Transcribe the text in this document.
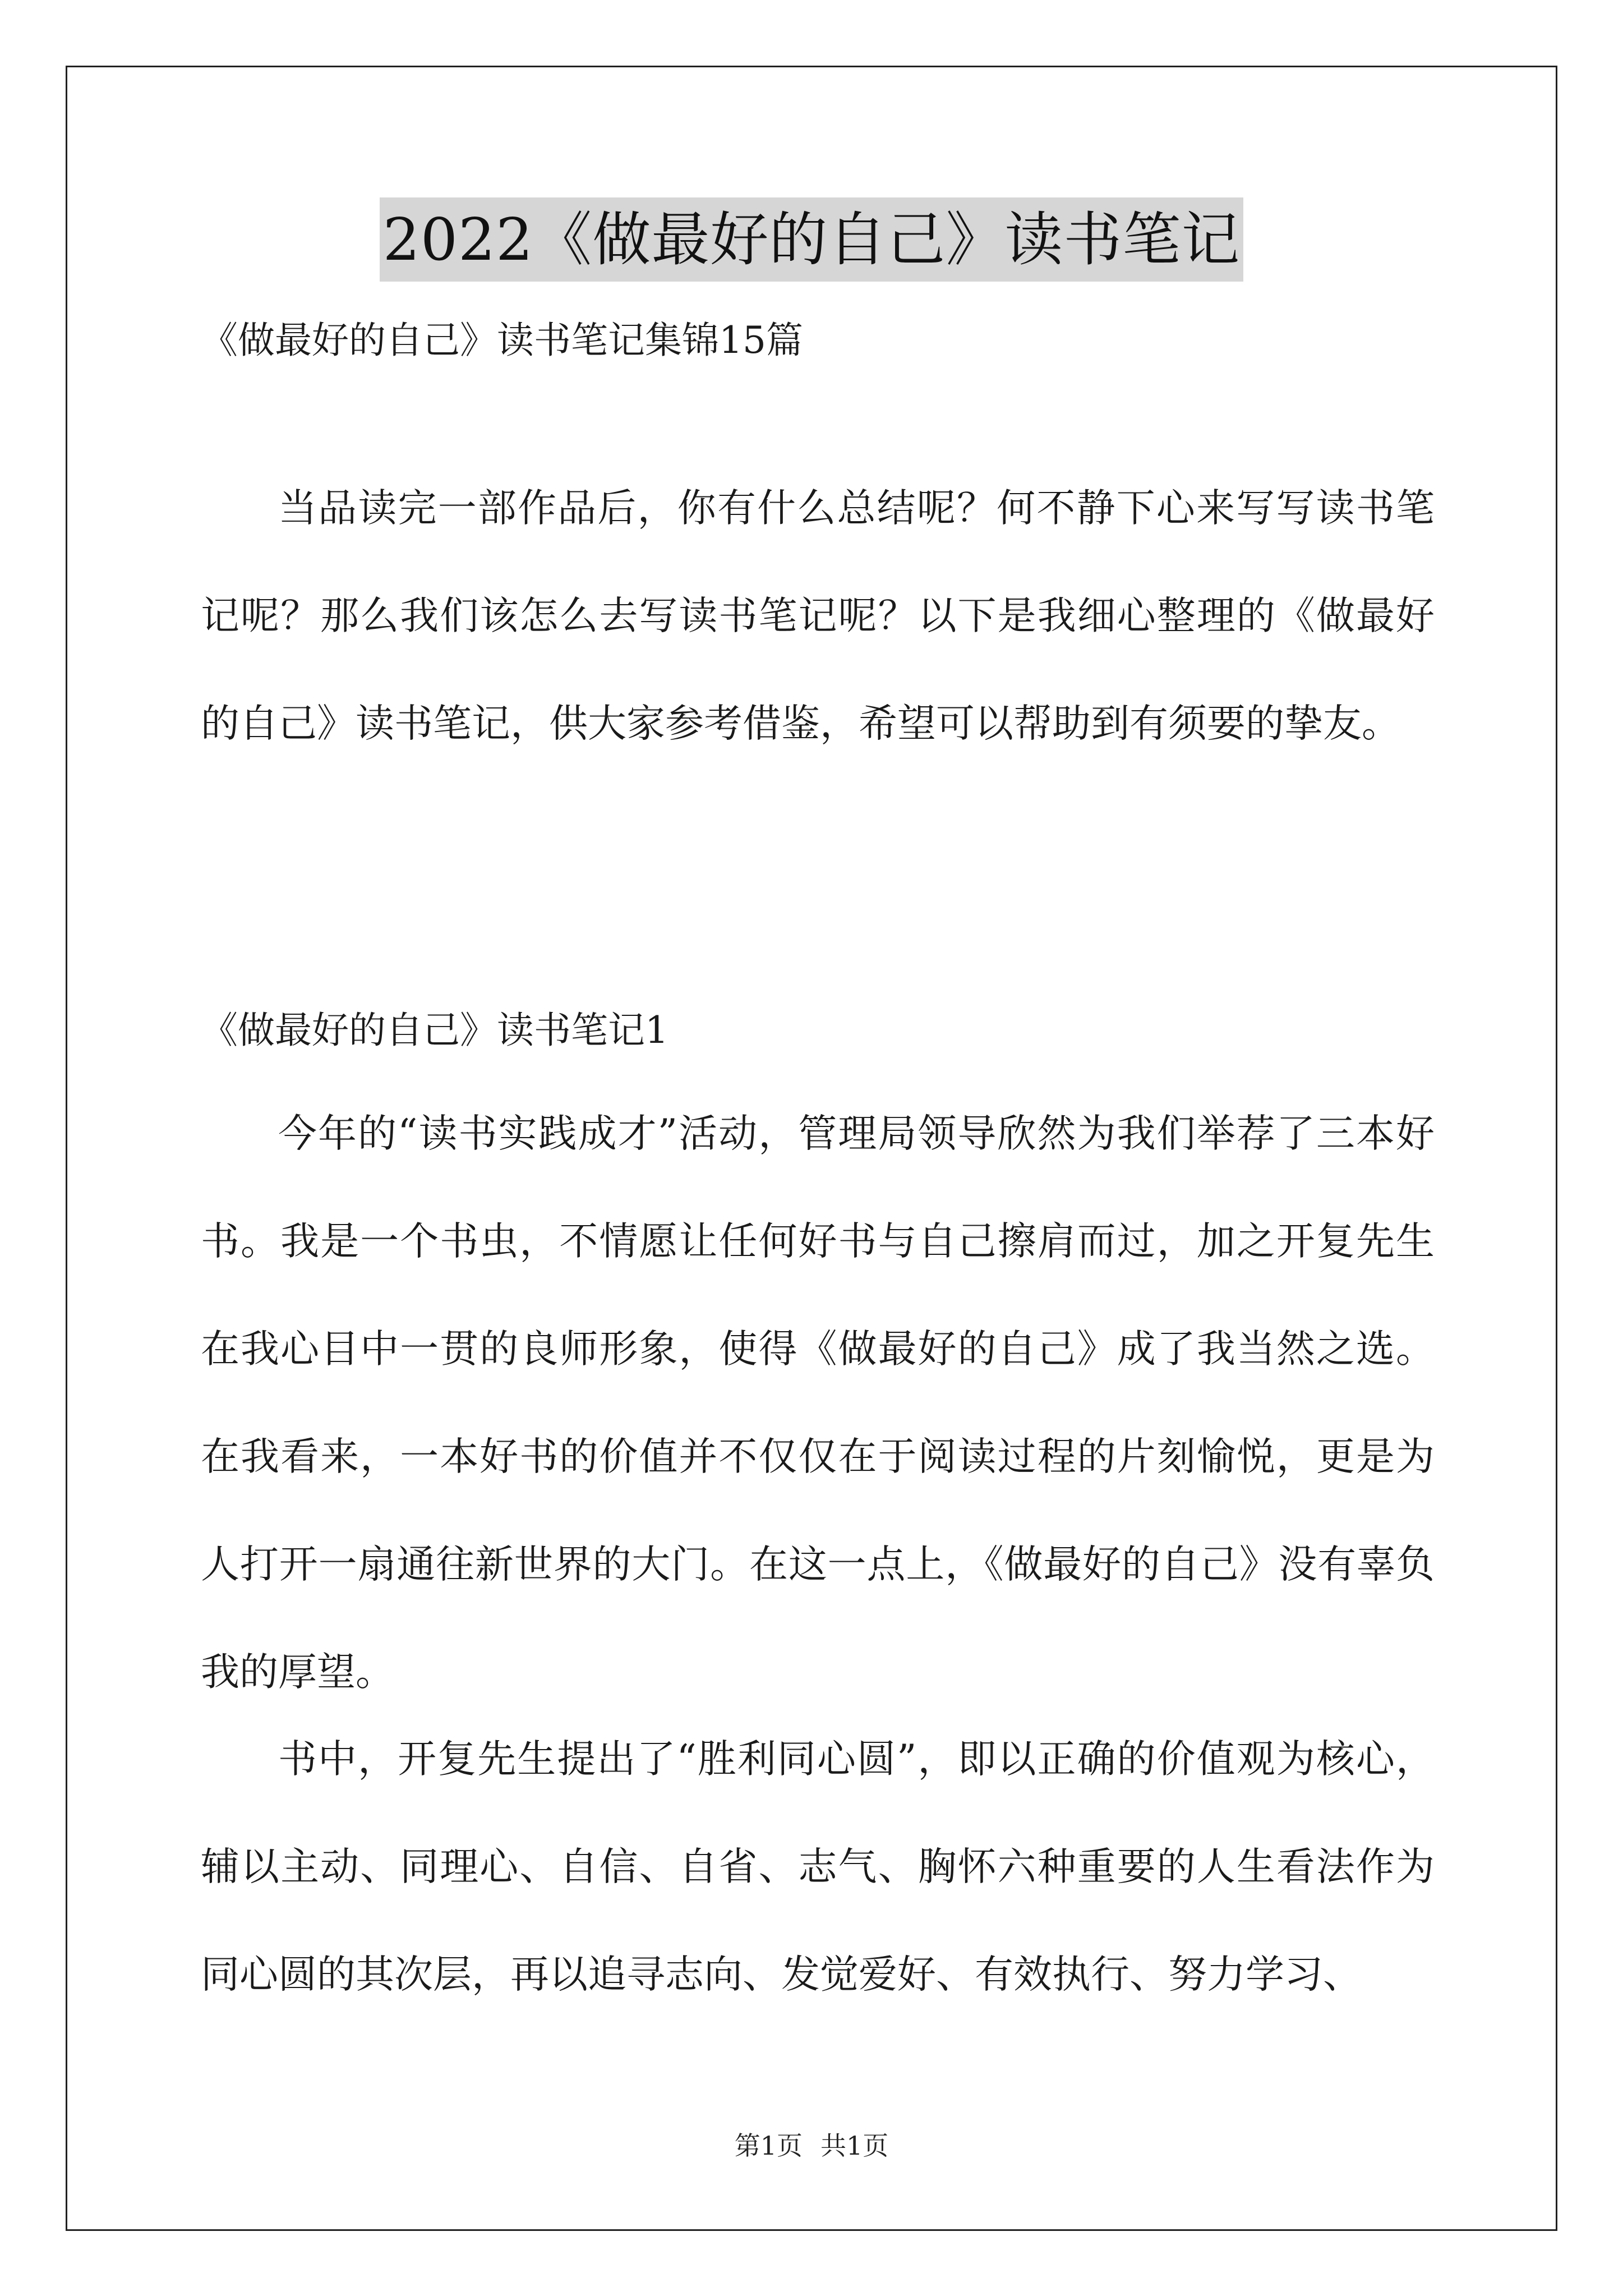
2022《做最好的自己》读书笔记
《做最好的自己》读书笔记集锦15篇

当品读完一部作品后，你有什么总结呢？何不静下心来写写读书笔记呢？那么我们该怎么去写读书笔记呢？以下是我细心整理的《做最好的自己》读书笔记，供大家参考借鉴，希望可以帮助到有须要的挚友。

《做最好的自己》读书笔记1

今年的“读书实践成才”活动，管理局领导欣然为我们举荐了三本好书。我是一个书虫，不情愿让任何好书与自己擦肩而过，加之开复先生在我心目中一贯的良师形象，使得《做最好的自己》成了我当然之选。在我看来，一本好书的价值并不仅仅在于阅读过程的片刻愉悦，更是为人打开一扇通往新世界的大门。在这一点上，《做最好的自己》没有辜负我的厚望。

书中，开复先生提出了“胜利同心圆”，即以正确的价值观为核心，辅以主动、同理心、自信、自省、志气、胸怀六种重要的人生看法作为同心圆的其次层，再以追寻志向、发觉爱好、有效执行、努力学习、

第1页 共1页
